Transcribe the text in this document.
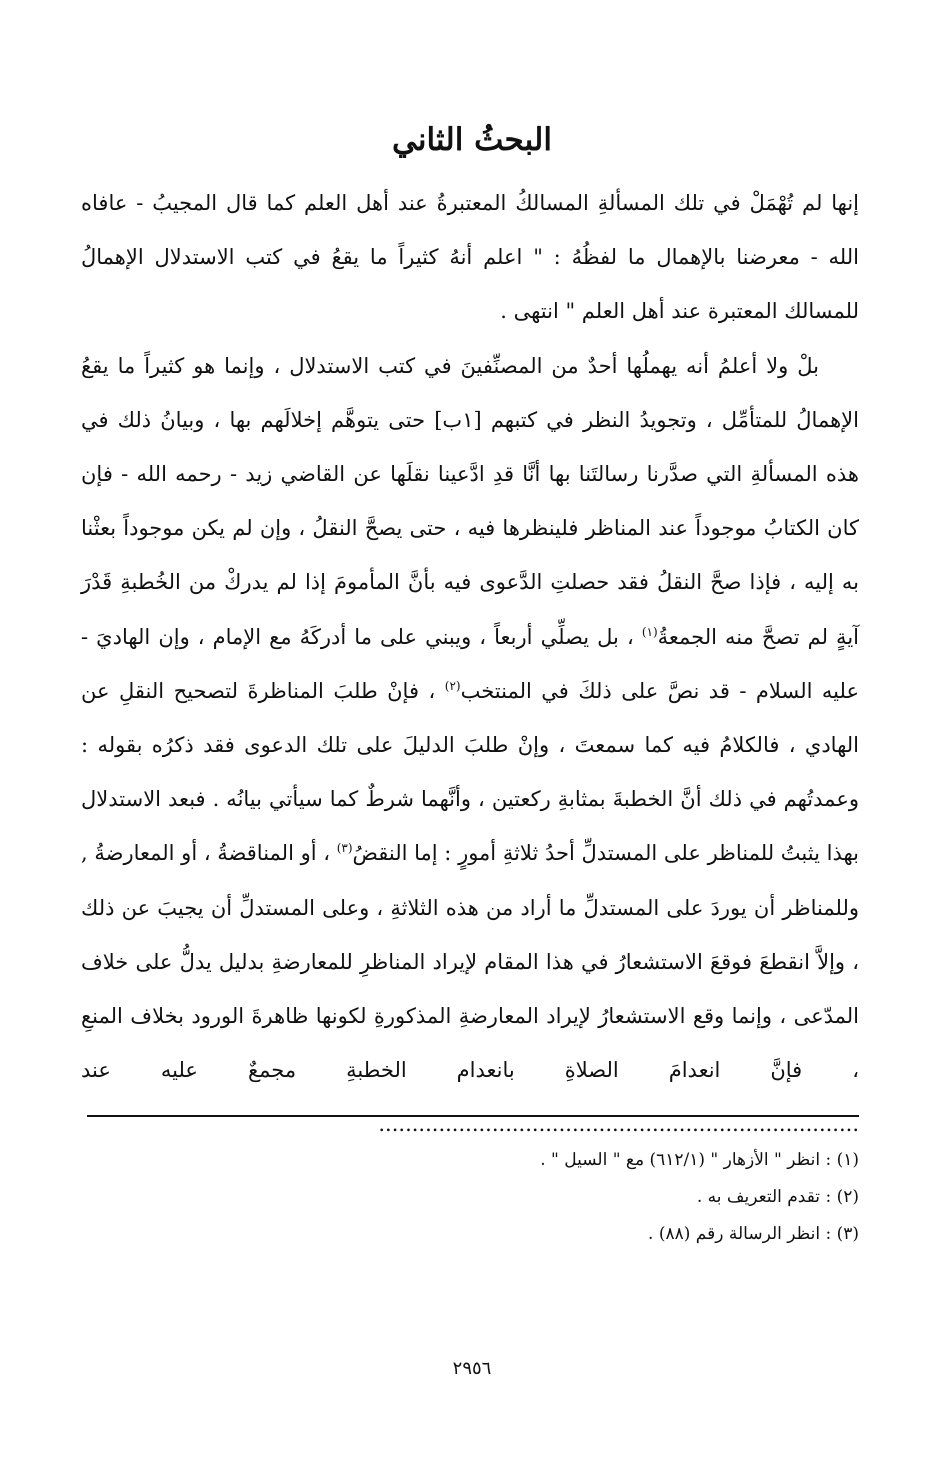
البحثُ الثاني

إنها لم تُهْمَلْ في تلك المسألةِ المسالكُ المعتبرةُ عند أهل العلم كما قال المجيبُ - عافاه الله - معرضنا بالإهمال ما لفظُهُ : " اعلم أنهُ كثيراً ما يقعُ في كتب الاستدلال الإهمالُ للمسالك المعتبرة عند أهل العلم " انتهى .

بلْ ولا أعلمُ أنه يهملُها أحدٌ من المصنِّفينَ في كتب الاستدلال ، وإنما هو كثيراً ما يقعُ الإهمالُ للمتأمِّل ، وتجويدُ النظر في كتبهم [١ب] حتى يتوهَّم إخلالَهم بها ، وبيانُ ذلك في هذه المسألةِ التي صدَّرنا رسالتَنا بها أنَّا قدِ ادَّعينا نقلَها عن القاضي زيد - رحمه الله - فإن كان الكتابُ موجوداً عند المناظر فلينظرها فيه ، حتى يصحَّ النقلُ ، وإن لم يكن موجوداً بعثْنا به إليه ، فإذا صحَّ النقلُ فقد حصلتِ الدَّعوى فيه بأنَّ المأمومَ إذا لم يدركْ من الخُطبةِ قَدْرَ آيةٍ لم تصحَّ منه الجمعةُ$^{(١)}$ ، بل يصلِّي أربعاً ، ويبني على ما أدركَهُ مع الإمام ، وإن الهاديَ - عليه السلام - قد نصَّ على ذلكَ في المنتخب$^{(٢)}$ ، فإنْ طلبَ المناظرةَ لتصحيح النقلِ عن الهادي ، فالكلامُ فيه كما سمعتَ ، وإنْ طلبَ الدليلَ على تلك الدعوى فقد ذكرُه بقوله : وعمدتُهم في ذلك أنَّ الخطبةَ بمثابةِ ركعتين ، وأنَّهما شرطٌ كما سيأتي بيانُه . فبعد الاستدلال بهذا يثبتُ للمناظر على المستدلِّ أحدُ ثلاثةِ أمورٍ : إما النقضُ$^{(٣)}$ ، أو المناقضةُ ، أو المعارضةُ , وللمناظر أن يوردَ على المستدلِّ ما أراد من هذه الثلاثةِ ، وعلى المستدلِّ أن يجيبَ عن ذلك ، وإلاَّ انقطعَ فوقعَ الاستشعارُ في هذا المقام لإيراد المناظرِ للمعارضةِ بدليل يدلُّ على خلاف المدّعى ، وإنما وقع الاستشعارُ لإيراد المعارضةِ المذكورةِ لكونها ظاهرةَ الورود بخلاف المنعِ ، فإنَّ انعدامَ الصلاةِ بانعدام الخطبةِ مجمعٌ عليه عند ........................................................................

(١) : انظر " الأزهار " (٦١٢/١) مع " السيل " .

(٢) : تقدم التعريف به .

(٣) : انظر الرسالة رقم (٨٨) .

٢٩٥٦
